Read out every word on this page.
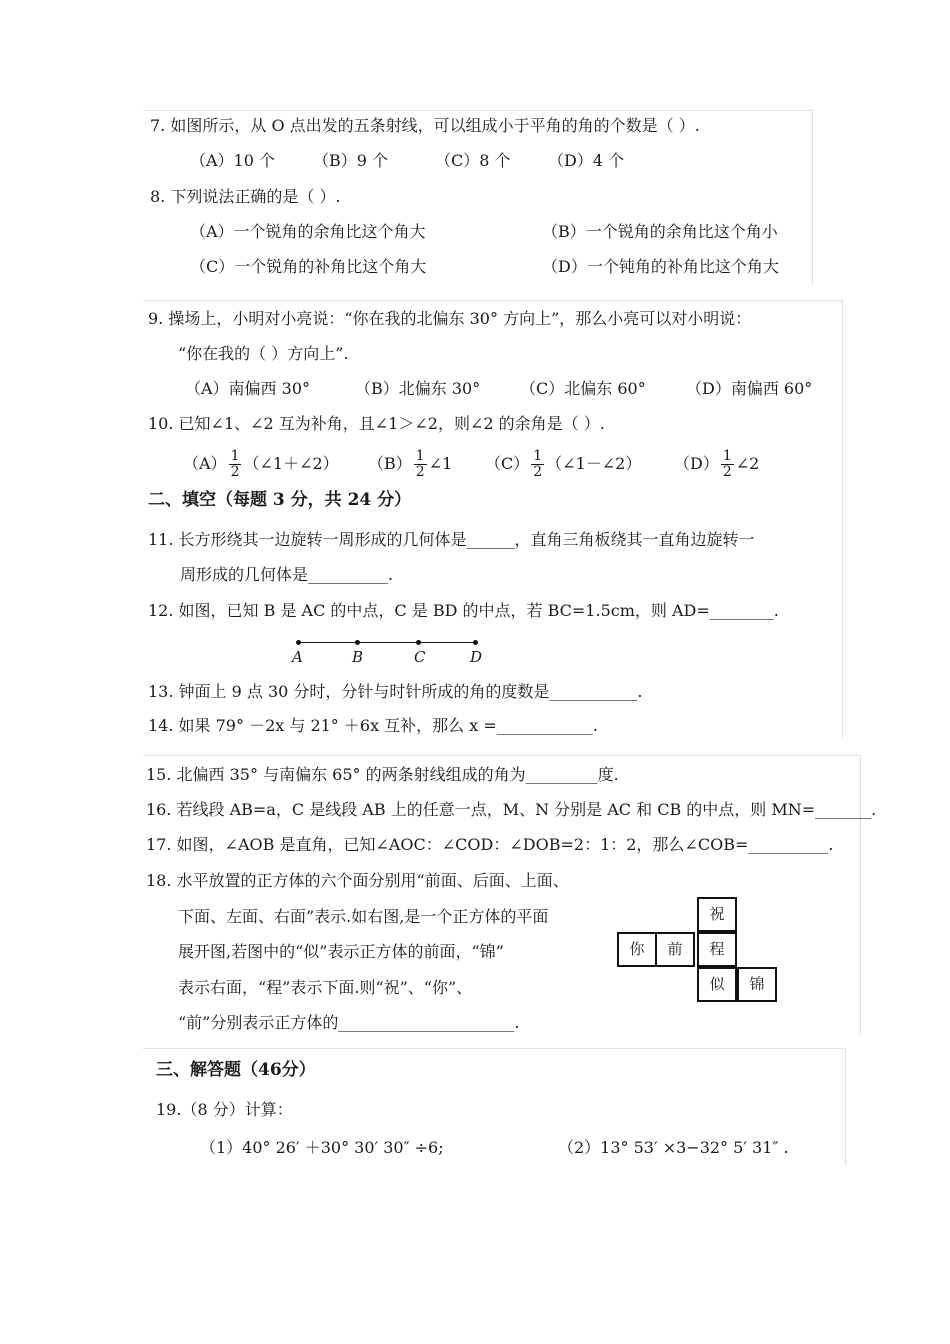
7. 如图所示，从 O 点出发的五条射线，可以组成小于平角的角的个数是（ ）.
（A）10 个 （B）9 个	（C）8 个 （D）4 个
8. 下列说法正确的是（ ）.
（A）一个锐角的余角比这个角大	（B）一个锐角的余角比这个角小
（C）一个锐角的补角比这个角大	（D）一个钝角的补角比这个角大
9. 操场上，小明对小亮说：“你在我的北偏东 30° 方向上”，那么小亮可以对小明说：
“你在我的（ ）方向上”.
（A）南偏西 30°	（B）北偏东 30° （C）北偏东 60°	（D）南偏西 60°
10. 已知∠1、∠2 互为补角，且∠1＞∠2，则∠2 的余角是（ ）.
$(A) \frac{1}{2}$ （∠1＋∠2） $(B) \frac{1}{2}$ ∠1 $(C) \frac{1}{2}$ （∠1－∠2） $(D) \frac{1}{2}$ ∠2
二、填空（每题 3 分，共 24 分）
11. 长方形绕其一边旋转一周形成的几何体是______，直角三角板绕其一直角边旋转一
周形成的几何体是__________.
12. 如图，已知 B 是 AC 的中点，C 是 BD 的中点，若 BC=1.5cm，则 AD=________.
A	B	C	D
13. 钟面上 9 点 30 分时，分针与时针所成的角的度数是___________.
14. 如果 79° －2x 与 21° ＋6x 互补，那么 x =____________.
15. 北偏西 35° 与南偏东 65° 的两条射线组成的角为_________度.
16. 若线段 AB=a，C 是线段 AB 上的任意一点，M、N 分别是 AC 和 CB 的中点，则 MN=_______.
17. 如图，∠AOB 是直角，已知∠AOC：∠COD：∠DOB=2：1：2，那么∠COB=__________.
18. 水平放置的正方体的六个面分别用“前面、后面、上面、
下面、左面、右面”表示.如右图,是一个正方体的平面
展开图,若图中的“似”表示正方体的前面，“锦”
表示右面，“程”表示下面.则“祝”、“你”、
“前”分别表示正方体的______________________.
祝
你	前	程
似	锦
三、解答题（46分）
19.（8 分）计算：
（1）40° 26′ ＋30° 30′ 30″ ÷6;	（2）13° 53′ ×3−32° 5′ 31″ .
